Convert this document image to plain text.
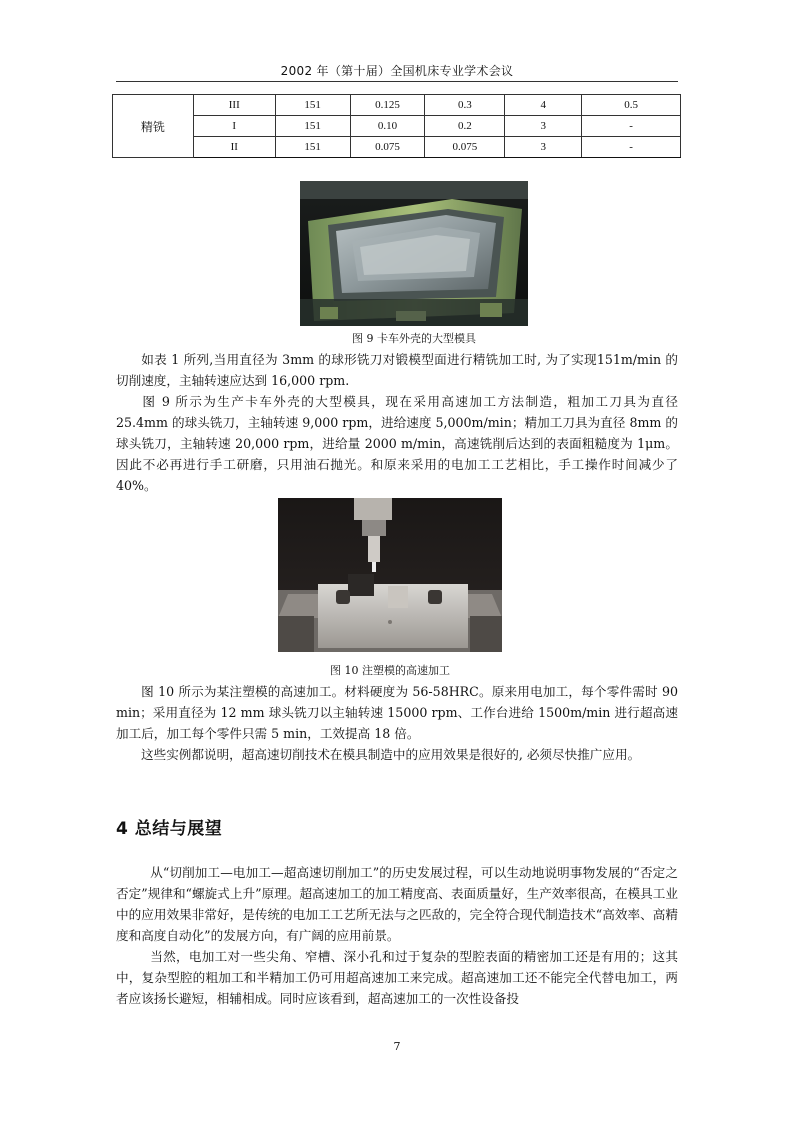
2002 年（第十届）全国机床专业学术会议
精铣	III	151	0.125	0.3	4	0.5
	I	151	0.10	0.2	3	-
	II	151	0.075	0.075	3	-
图 9 卡车外壳的大型模具
如表 1 所列,当用直径为 3mm 的球形铣刀对锻模型面进行精铣加工时, 为了实现151m/min 的切削速度，主轴转速应达到 16,000 rpm.
图 9 所示为生产卡车外壳的大型模具，现在采用高速加工方法制造，粗加工刀具为直径 25.4mm 的球头铣刀，主轴转速 9,000 rpm，进给速度 5,000m/min；精加工刀具为直径 8mm 的球头铣刀，主轴转速 20,000 rpm，进给量 2000 m/min，高速铣削后达到的表面粗糙度为 1μm。因此不必再进行手工研磨，只用油石抛光。和原来采用的电加工工艺相比，手工操作时间减少了 40%。
图 10 注塑模的高速加工
图 10 所示为某注塑模的高速加工。材料硬度为 56-58HRC。原来用电加工，每个零件需时 90 min；采用直径为 12 mm 球头铣刀以主轴转速 15000 rpm、工作台进给 1500m/min 进行超高速加工后，加工每个零件只需 5 min，工效提高 18 倍。
这些实例都说明，超高速切削技术在模具制造中的应用效果是很好的, 必须尽快推广应用。
4 总结与展望
从“切削加工—电加工—超高速切削加工”的历史发展过程，可以生动地说明事物发展的“否定之否定”规律和“螺旋式上升”原理。超高速加工的加工精度高、表面质量好，生产效率很高，在模具工业中的应用效果非常好，是传统的电加工工艺所无法与之匹敌的，完全符合现代制造技术“高效率、高精度和高度自动化”的发展方向，有广阔的应用前景。
当然，电加工对一些尖角、窄槽、深小孔和过于复杂的型腔表面的精密加工还是有用的；这其中，复杂型腔的粗加工和半精加工仍可用超高速加工来完成。超高速加工还不能完全代替电加工，两者应该扬长避短，相辅相成。同时应该看到，超高速加工的一次性设备投
7
